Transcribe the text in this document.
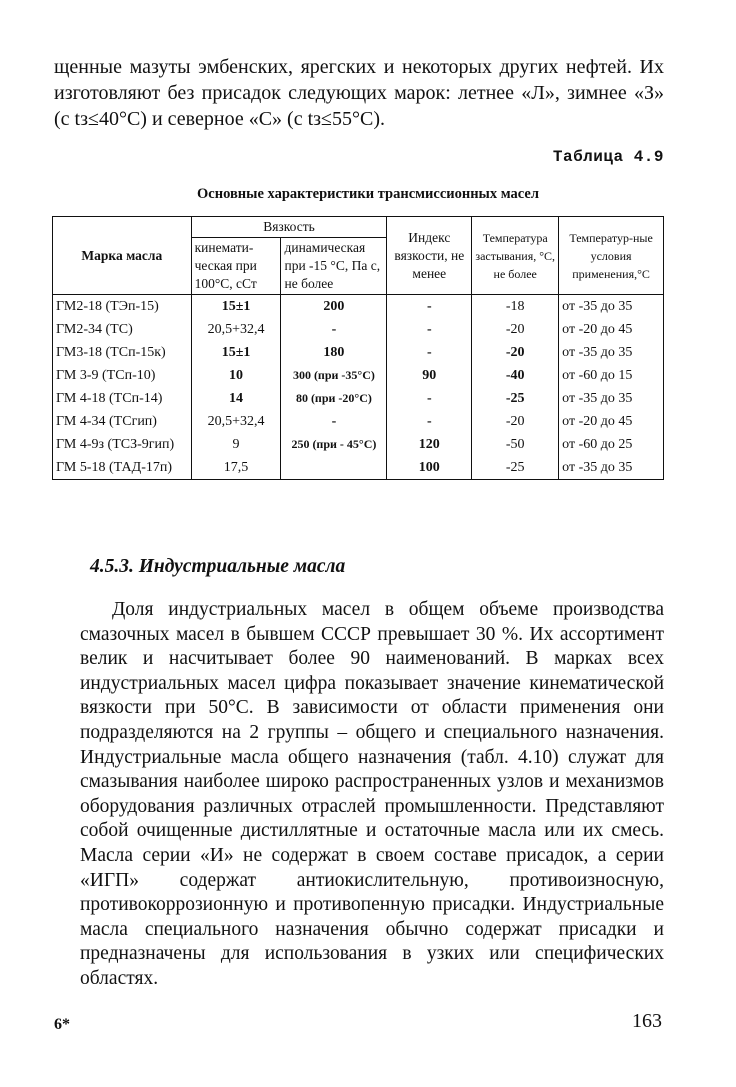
щенные мазуты эмбенских, ярегских и некоторых других нефтей. Их изготовляют без присадок следующих марок: летнее «Л», зимнее «З» (с tз≤40°С) и северное «С» (с tз≤55°С).

Таблица 4.9
Основные характеристики трансмиссионных масел
Марка масла	Вязкость		Индекс вязкости, не менее	Температура застывания, °С, не более	Температур-ные условия применения,°С
	кинемати-ческая при 100°С, сСт	динамическая при -15 °С, Па с, не более			
ГМ2-18 (ТЭп-15)	15±1	200	-	-18	от -35 до 35
ГМ2-34 (ТС)	20,5+32,4	-	-	-20	от -20 до 45
ГМ3-18 (ТСп-15к)	15±1	180	-	-20	от -35 до 35
ГМ 3-9 (ТСп-10)	10	300 (при -35°С)	90	-40	от -60 до 15
ГМ 4-18 (ТСп-14)	14	80 (при -20°С)	-	-25	от -35 до 35
ГМ 4-34 (ТСгип)	20,5+32,4	-	-	-20	от -20 до 45
ГМ 4-9з (ТСЗ-9гип)	9	250 (при - 45°С)	120	-50	от -60 до 25
ГМ 5-18 (ТАД-17п)	17,5		100	-25	от -35 до 35
4.5.3. Индустриальные масла

Доля индустриальных масел в общем объеме производства смазочных масел в бывшем СССР превышает 30 %. Их ассортимент велик и насчитывает более 90 наименований. В марках всех индустриальных масел цифра показывает значение кинематической вязкости при 50°С. В зависимости от области применения они подразделяются на 2 группы – общего и специального назначения. Индустриальные масла общего назначения (табл. 4.10) служат для смазывания наиболее широко распространенных узлов и механизмов оборудования различных отраслей промышленности. Представляют собой очищенные дистиллятные и остаточные масла или их смесь. Масла серии «И» не содержат в своем составе присадок, а серии «ИГП» содержат антиокислительную, противоизносную, противокоррозионную и противопенную присадки. Индустриальные масла специального назначения обычно содержат присадки и предназначены для использования в узких или специфических областях.

6*	163
